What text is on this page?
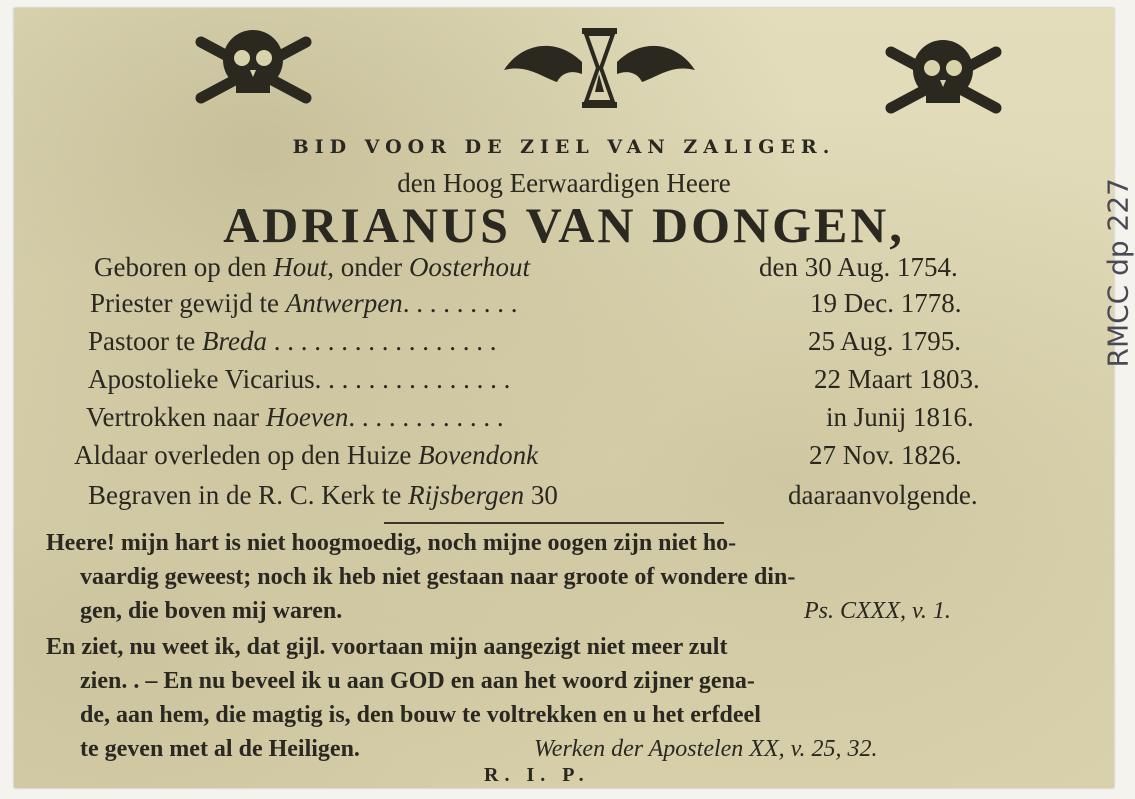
BID VOOR DE ZIEL VAN ZALIGER.
den Hoog Eerwaardigen Heere
ADRIANUS VAN DONGEN,
Geboren op den Hout, onder Oosterhout	den 30 Aug. 1754.
Priester gewijd te Antwerpen. . . . . . . . .	19 Dec. 1778.
Pastoor te Breda . . . . . . . . . . . . . . . . .	25 Aug. 1795.
Apostolieke Vicarius. . . . . . . . . . . . . . .	22 Maart 1803.
Vertrokken naar Hoeven. . . . . . . . . . . .	in Junij 1816.
Aldaar overleden op den Huize Bovendonk	27 Nov. 1826.
Begraven in de R. C. Kerk te Rijsbergen 30	daaraanvolgende.
Heere! mijn hart is niet hoogmoedig, noch mijne oogen zijn niet ho-
vaardig geweest; noch ik heb niet gestaan naar groote of wondere din-
gen, die boven mij waren.	Ps. CXXX, v. 1.
En ziet, nu weet ik, dat gijl. voortaan mijn aangezigt niet meer zult
zien. . – En nu beveel ik u aan GOD en aan het woord zijner gena-
de, aan hem, die magtig is, den bouw te voltrekken en u het erfdeel
te geven met al de Heiligen.	Werken der Apostelen XX, v. 25, 32.
R. I. P.
RMCC dp 227
